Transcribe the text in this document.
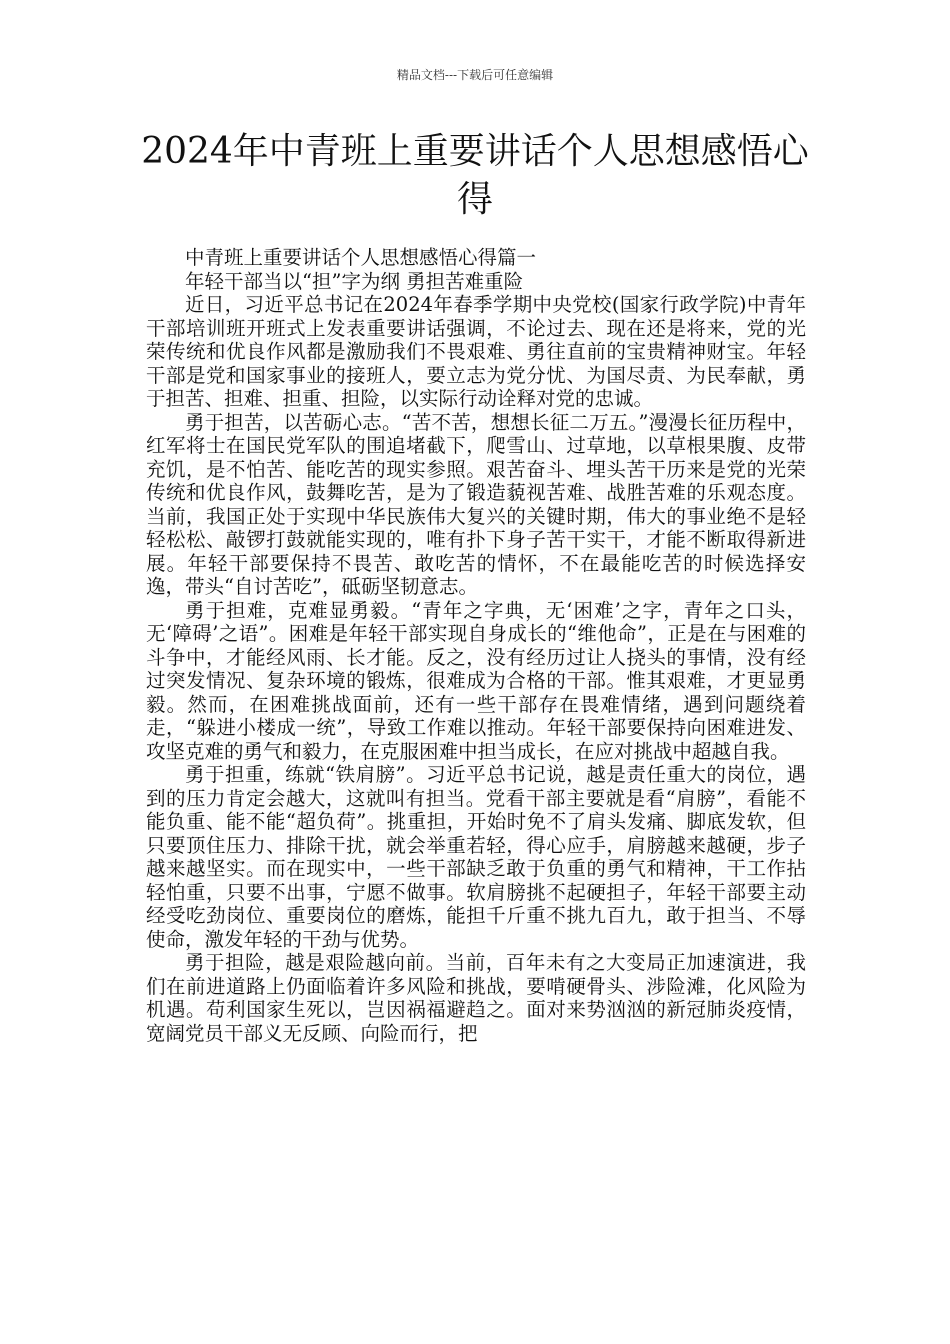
精品文档---下载后可任意编辑
2024年中青班上重要讲话个人思想感悟心得

中青班上重要讲话个人思想感悟心得篇一

年轻干部当以“担”字为纲 勇担苦难重险

近日，习近平总书记在2024年春季学期中央党校(国家行政学院)中青年干部培训班开班式上发表重要讲话强调，不论过去、现在还是将来，党的光荣传统和优良作风都是激励我们不畏艰难、勇往直前的宝贵精神财宝。年轻干部是党和国家事业的接班人，要立志为党分忧、为国尽责、为民奉献，勇于担苦、担难、担重、担险，以实际行动诠释对党的忠诚。

勇于担苦，以苦砺心志。“苦不苦，想想长征二万五。”漫漫长征历程中，红军将士在国民党军队的围追堵截下，爬雪山、过草地，以草根果腹、皮带充饥，是不怕苦、能吃苦的现实参照。艰苦奋斗、埋头苦干历来是党的光荣传统和优良作风，鼓舞吃苦，是为了锻造藐视苦难、战胜苦难的乐观态度。当前，我国正处于实现中华民族伟大复兴的关键时期，伟大的事业绝不是轻轻松松、敲锣打鼓就能实现的，唯有扑下身子苦干实干，才能不断取得新进展。年轻干部要保持不畏苦、敢吃苦的情怀，不在最能吃苦的时候选择安逸，带头“自讨苦吃”，砥砺坚韧意志。

勇于担难，克难显勇毅。“青年之字典，无‘困难’之字，青年之口头，无‘障碍’之语”。困难是年轻干部实现自身成长的“维他命”，正是在与困难的斗争中，才能经风雨、长才能。反之，没有经历过让人挠头的事情，没有经过突发情况、复杂环境的锻炼，很难成为合格的干部。惟其艰难，才更显勇毅。然而，在困难挑战面前，还有一些干部存在畏难情绪，遇到问题绕着走，“躲进小楼成一统”，导致工作难以推动。年轻干部要保持向困难进发、攻坚克难的勇气和毅力，在克服困难中担当成长，在应对挑战中超越自我。

勇于担重，练就“铁肩膀”。习近平总书记说，越是责任重大的岗位，遇到的压力肯定会越大，这就叫有担当。党看干部主要就是看“肩膀”，看能不能负重、能不能“超负荷”。挑重担，开始时免不了肩头发痛、脚底发软，但只要顶住压力、排除干扰，就会举重若轻，得心应手，肩膀越来越硬，步子越来越坚实。而在现实中，一些干部缺乏敢于负重的勇气和精神，干工作拈轻怕重，只要不出事，宁愿不做事。软肩膀挑不起硬担子，年轻干部要主动经受吃劲岗位、重要岗位的磨炼，能担千斤重不挑九百九，敢于担当、不辱使命，激发年轻的干劲与优势。

勇于担险，越是艰险越向前。当前，百年未有之大变局正加速演进，我们在前进道路上仍面临着许多风险和挑战，要啃硬骨头、涉险滩，化风险为机遇。苟利国家生死以，岂因祸福避趋之。面对来势汹汹的新冠肺炎疫情，宽阔党员干部义无反顾、向险而行，把
